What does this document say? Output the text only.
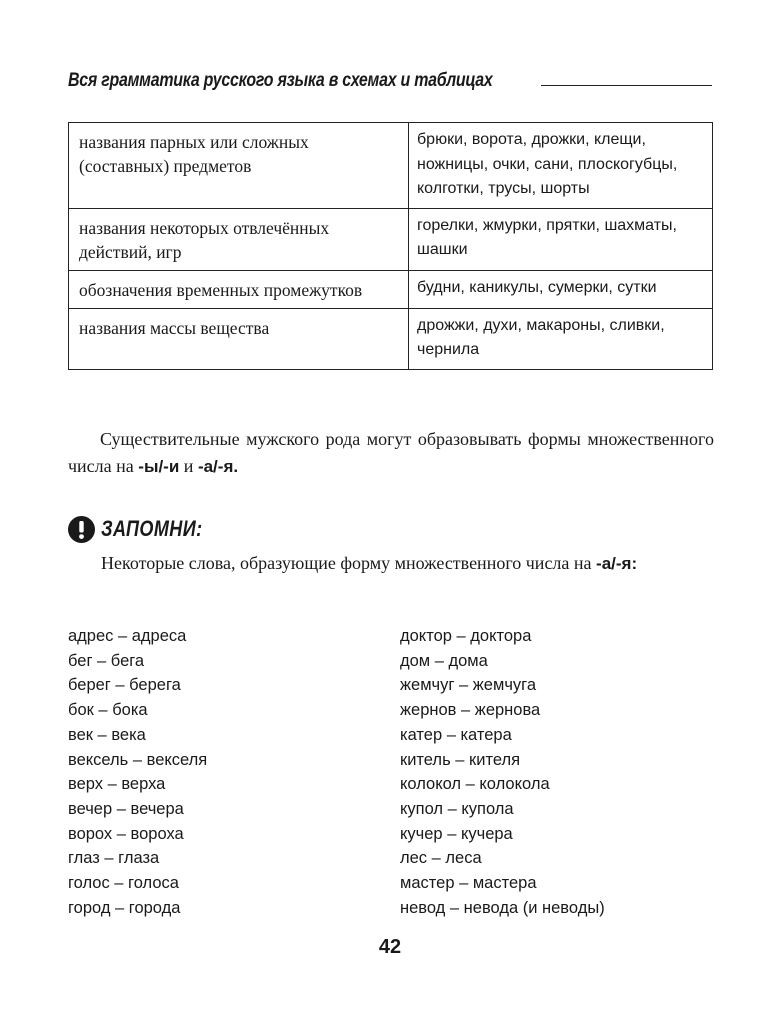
Вся грамматика русского языка в схемах и таблицах
названия парных или сложных (составных) предметов	брюки, ворота, дрожки, клещи, ножницы, очки, сани, плоскогубцы, колготки, трусы, шорты
названия некоторых отвлечённых действий, игр	горелки, жмурки, прятки, шахматы, шашки
обозначения временных промежутков	будни, каникулы, сумерки, сутки
названия массы вещества	дрожжи, духи, макароны, сливки, чернила

Существительные мужского рода могут образовывать формы множественного числа на -ы/-и и -а/-я.

ЗАПОМНИ:

Некоторые слова, образующие форму множественного числа на -а/-я:

адрес – адреса
бег – бега
берег – берега
бок – бока
век – века
вексель – векселя
верх – верха
вечер – вечера
ворох – вороха
глаз – глаза
голос – голоса
город – города
доктор – доктора
дом – дома
жемчуг – жемчуга
жернов – жернова
катер – катера
китель – кителя
колокол – колокола
купол – купола
кучер – кучера
лес – леса
мастер – мастера
невод – невода (и неводы)
42
